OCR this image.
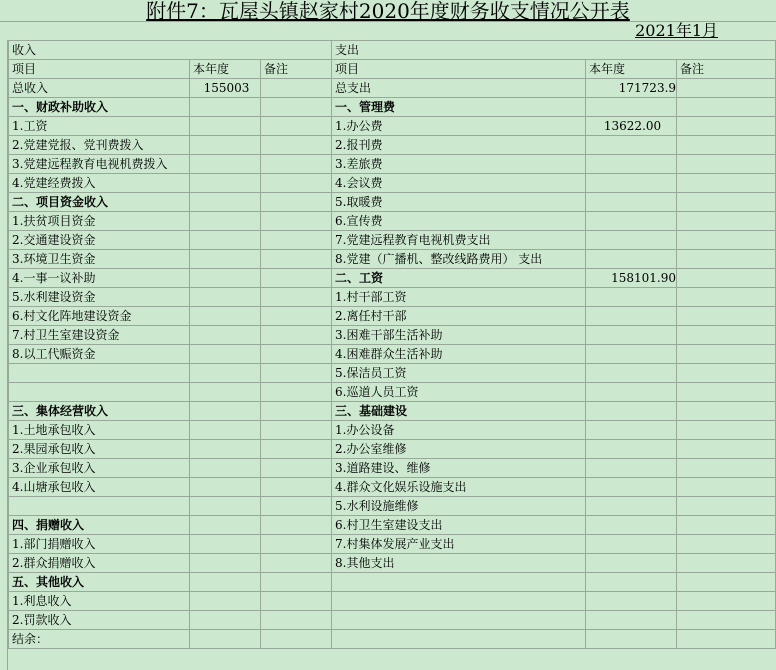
附件7：瓦屋头镇赵家村2020年度财务收支情况公开表
2021年1月
收入			支出		
项目	本年度	备注	项目	本年度	备注
总收入	155003		总支出	171723.9	
一、财政补助收入			一、管理费		
1.工资			1.办公费	13622.00	
2.党建党报、党刊费拨入			2.报刊费		
3.党建远程教育电视机费拨入			3.差旅费		
4.党建经费拨入			4.会议费		
二、项目资金收入			5.取暖费		
1.扶贫项目资金			6.宣传费		
2.交通建设资金			7.党建远程教育电视机费支出		
3.环境卫生资金			8.党建（广播机、整改线路费用） 支出		
4.一事一议补助			二、工资	158101.90	
5.水利建设资金			1.村干部工资		
6.村文化阵地建设资金			2.离任村干部		
7.村卫生室建设资金			3.困难干部生活补助		
8.以工代赈资金			4.困难群众生活补助		
			5.保洁员工资		
			6.巡道人员工资		
三、集体经营收入			三、基础建设		
1.土地承包收入			1.办公设备		
2.果园承包收入			2.办公室维修		
3.企业承包收入			3.道路建设、维修		
4.山塘承包收入			4.群众文化娱乐设施支出		
			5.水利设施维修		
四、捐赠收入			6.村卫生室建设支出		
1.部门捐赠收入			7.村集体发展产业支出		
2.群众捐赠收入			8.其他支出		
五、其他收入					
1.利息收入					
2.罚款收入					
结余：					
